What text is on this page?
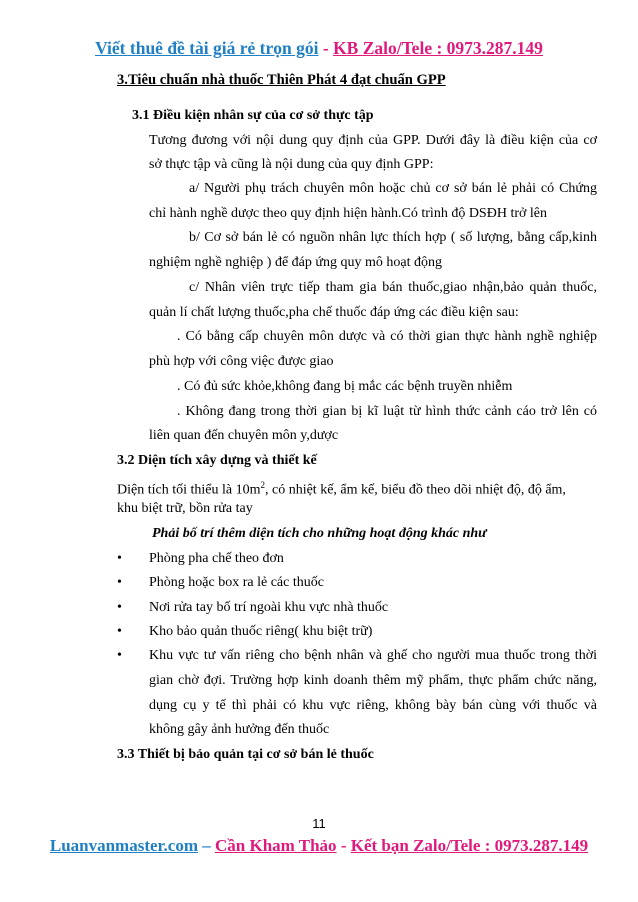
Viết thuê đề tài giá rẻ trọn gói - KB Zalo/Tele : 0973.287.149
3.Tiêu chuẩn nhà thuốc Thiên Phát 4 đạt chuẩn GPP
3.1 Điều kiện nhân sự của cơ sở thực tập
Tương đương với nội dung quy định của GPP. Dưới đây là điều kiện của cơ
sở thực tập và cũng là nội dung của quy định GPP:
a/ Người phụ trách chuyên môn hoặc chủ cơ sở bán lẻ phải có Chứng
chỉ hành nghề dược theo quy định hiện hành.Có trình độ DSĐH trở lên
b/ Cơ sở bán lẻ có nguồn nhân lực thích hợp ( số lượng, bằng cấp,kinh
nghiệm nghề nghiệp ) để đáp ứng quy mô hoạt động
c/ Nhân viên trực tiếp tham gia bán thuốc,giao nhận,bảo quản thuốc,
quản lí chất lượng thuốc,pha chế thuốc đáp ứng các điều kiện sau:
. Có bằng cấp chuyên môn dược và có thời gian thực hành nghề nghiệp
phù hợp với công việc được giao
. Có đủ sức khỏe,không đang bị mắc các bệnh truyền nhiễm
. Không đang trong thời gian bị kĩ luật từ hình thức cảnh cáo trở lên có
liên quan đến chuyên môn y,dược
3.2 Diện tích xây dựng và thiết kế
Diện tích tối thiểu là $10m^2$, có nhiệt kế, ẩm kế, biểu đồ theo dõi nhiệt độ, độ ẩm,
khu biệt trữ, bồn rửa tay
Phải bố trí thêm diện tích cho những hoạt động khác như
• Phòng pha chế theo đơn
• Phòng hoặc box ra lẻ các thuốc
• Nơi rửa tay bố trí ngoài khu vực nhà thuốc
• Kho bảo quản thuốc riêng( khu biệt trữ)
• Khu vực tư vấn riêng cho bệnh nhân và ghế cho người mua thuốc trong thời
gian chờ đợi. Trường hợp kinh doanh thêm mỹ phẩm, thực phẩm chức năng,
dụng cụ y tế thì phải có khu vực riêng, không bày bán cùng với thuốc và
không gây ảnh hưởng đến thuốc
3.3 Thiết bị bảo quản tại cơ sở bán lẻ thuốc
11
Luanvanmaster.com – Cần Kham Thảo - Kết bạn Zalo/Tele : 0973.287.149
